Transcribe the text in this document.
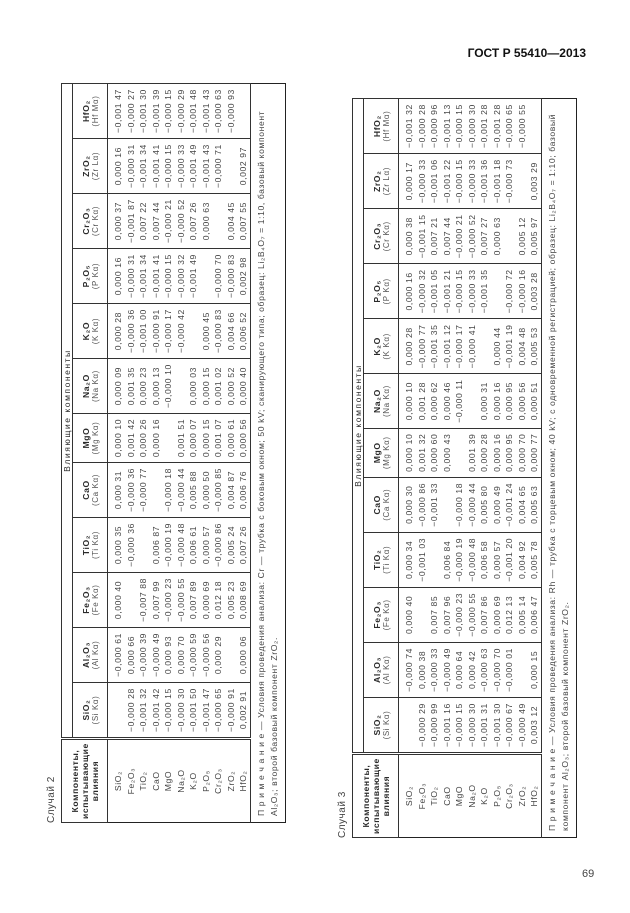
ГОСТ Р 55410—2013
Случай 2 Компоненты, испытывающие влияния	Влияющие компоненты											
	SiO₂ (Si Kα)	Al₂O₃ (Al Kα)	Fe₂O₃ (Fe Kα)	TiO₂ (Ti Kα)	CaO (Ca Kα)	MgO (Mg Kα)	Na₂O (Na Kα)	K₂O (K Kα)	P₂O₅ (P Kα)	Cr₂O₃ (Cr Kα)	ZrO₂ (Zr Lα)	HfO₂ (Hf Mα)

SiO₂		−0,000 61	0,000 40	0,000 35	0,000 31	0,000 10	0,000 09	0,000 28	0,000 16	0,000 37	0,000 16	−0,001 47
Fe₂O₃	−0,000 28	0,000 66		−0,000 36	−0,000 36	0,001 42	0,001 35	−0,000 36	−0,000 31	−0,001 87	−0,000 31	−0,000 27
TiO₂	−0,001 32	−0,000 39	−0,007 88		−0,000 77	0,000 26	0,000 23	−0,001 00	−0,001 34	0,007 22	−0,001 34	−0,001 30
CaO	−0,001 42	−0,000 49	0,007 99	0,006 87		0,000 16	0,000 13	−0,000 91	−0,001 41	0,007 44	−0,001 41	−0,001 39
MgO	−0,000 15	0,000 93	−0,000 23	−0,000 19	−0,000 18		−0,000 10	−0,000 17	−0,000 15	−0,000 21	−0,000 15	−0,000 15
Na₂O	−0,000 30	0,000 70	−0,000 55	−0,000 48	−0,000 44	0,001 51		−0,000 42	−0,000 32	−0,000 52	−0,000 33	−0,000 29
K₂O	−0,001 50	−0,000 59	0,007 89	0,006 61	0,005 88	0,000 07	0,000 03		−0,001 49	0,007 26	−0,001 49	−0,001 48
P₂O₅	−0,001 47	−0,000 56	0,000 69	0,000 57	0,000 50	0,000 15	0,000 15	0,000 45		0,000 63	−0,001 43	−0,001 43
Cr₂O₃	−0,000 65	0,000 29	0,012 18	−0,000 86	−0,000 85	0,001 07	0,001 02	−0,000 83	−0,000 70		−0,000 71	−0,000 63
ZrO₂	−0,000 91		0,005 23	0,005 24	0,004 87	0,000 61	0,000 52	0,004 66	−0,000 83	0,004 45		−0,000 93
HfO₂	0,002 91	0,000 06	0,008 69	0,007 26	0,006 76	0,000 56	0,000 40	0,006 52	0,002 98	0,007 55	0,002 97	
П р и м е ч а н и е — Условия проведения анализа: Cr — трубка с боковым окном; 50 kV; сканирующего типа; образец: Li₂B₄O₇ = 1:10, базовый компонент Al₂O₃; второй базовый компонент ZrO₂.													Случай 3 Компоненты, испытывающие влияния	Влияющие компоненты											
	SiO₂ (Si Kα)	Al₂O₃ (Al Kα)	Fe₂O₃ (Fe Kα)	TiO₂ (Ti Kα)	CaO (Ca Kα)	MgO (Mg Kα)	Na₂O (Na Kα)	K₂O (K Kα)	P₂O₅ (P Kα)	Cr₂O₃ (Cr Kα)	ZrO₂ (Zr Lα)	HfO₂ (Hf Mα)

SiO₂		−0,000 74	0,000 40	0,000 34	0,000 30	0,000 10	0,000 10	0,000 28	0,000 16	0,000 38	0,000 17	−0,001 32
Fe₂O₃	−0,000 29	0,000 38		−0,001 03	−0,000 86	0,001 32	0,001 28	−0,000 77	−0,000 32	−0,001 15	−0,000 33	−0,000 28
TiO₂	−0,000 99	−0,000 33	0,007 85		−0,001 33	0,000 60	0,000 62	−0,001 35	−0,001 05	0,007 21	−0,001 06	−0,000 96
CaO	−0,001 16	−0,000 49	0,007 96	0,006 84		0,000 43	0,000 46	−0,001 12	−0,001 21	0,007 44	−0,001 22	−0,001 13
MgO	−0,000 15	0,000 64	−0,000 23	−0,000 19	−0,000 18		−0,000 11	−0,000 17	−0,000 15	−0,000 21	−0,000 15	−0,000 15
Na₂O	−0,000 30	0,000 42	−0,000 55	−0,000 48	−0,000 44	0,001 39		−0,000 41	−0,000 33	−0,000 52	−0,000 33	−0,000 30
K₂O	−0,001 31	−0,000 63	0,007 86	0,006 58	0,005 80	0,000 28	0,000 31		−0,001 35	0,007 27	−0,001 36	−0,001 28
P₂O₅	−0,001 30	−0,000 70	0,000 69	0,000 57	0,000 49	0,000 16	0,000 16	0,000 44		0,000 63	−0,001 18	−0,001 28
Cr₂O₃	−0,000 67	−0,000 01	0,012 13	−0,001 20	−0,001 24	0,000 95	0,000 95	−0,001 19	−0,000 72		−0,000 73	−0,000 65
ZrO₂	−0,000 49		0,005 14	0,004 92	0,004 65	0,000 70	0,000 56	0,004 48	−0,000 16	0,005 12		−0,000 55
HfO₂	0,003 12	0,000 15	0,006 47	0,005 78	0,005 63	0,000 77	0,000 51	0,005 53	0,003 28	0,005 97	0,003 29	
П р и м е ч а н и е — Условия проведения анализа: Rh — трубка с торцевым окном; 40 kV; с одновременной регистрацией; образец: Li₂B₄O₇ = 1:10; базовый компонент Al₂O₃; второй базовый компонент ZrO₂.												
69
